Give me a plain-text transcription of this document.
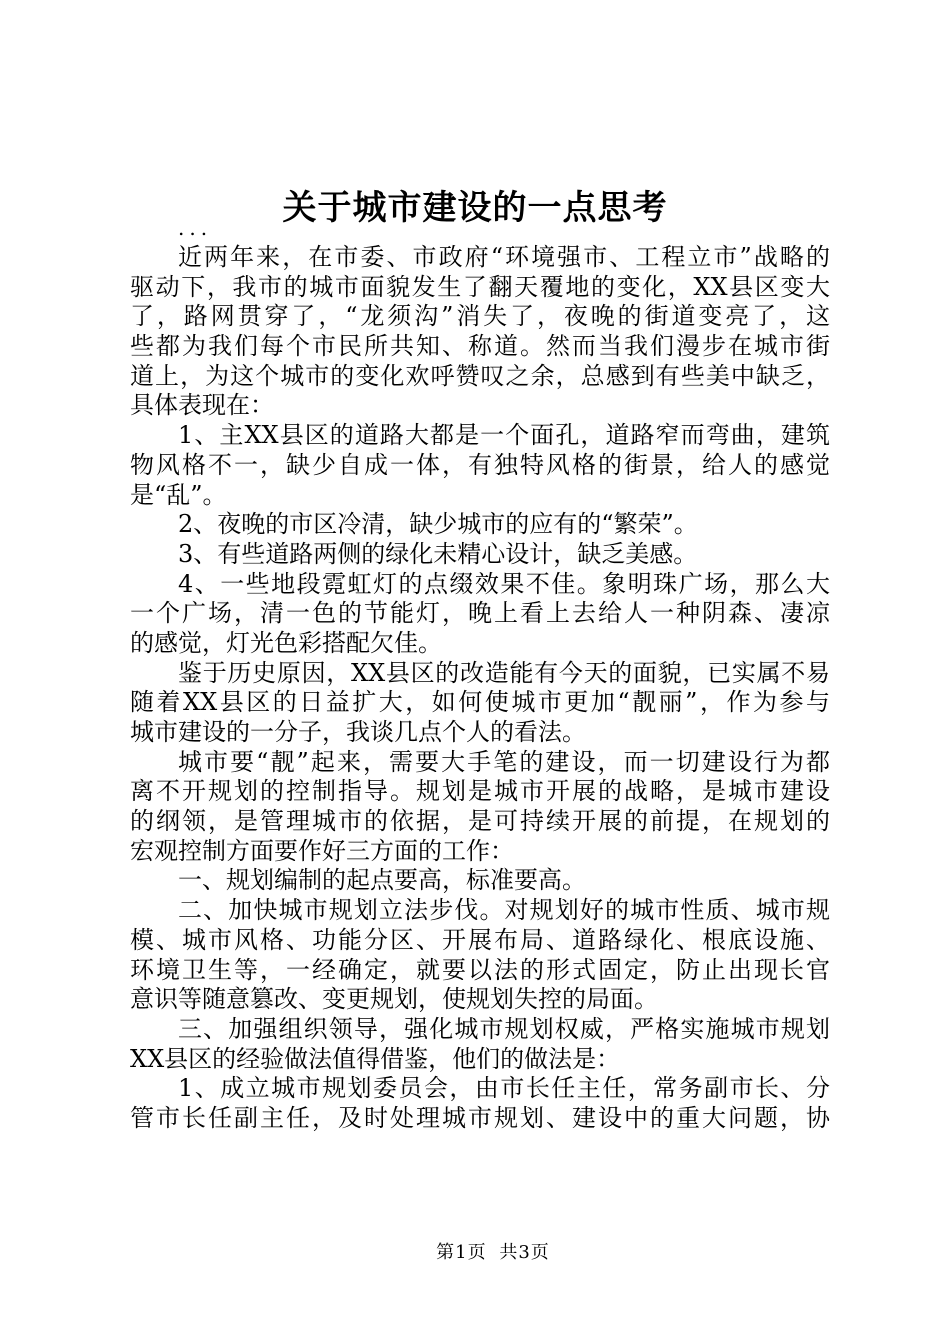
关于城市建设的一点思考
...
近两年来，在市委、市政府“环境强市、工程立市”战略的
驱动下，我市的城市面貌发生了翻天覆地的变化，XX县区变大
了，路网贯穿了，“龙须沟”消失了，夜晚的街道变亮了，这
些都为我们每个市民所共知、称道。然而当我们漫步在城市街
道上，为这个城市的变化欢呼赞叹之余，总感到有些美中缺乏，
具体表现在：
1、主XX县区的道路大都是一个面孔，道路窄而弯曲，建筑
物风格不一，缺少自成一体，有独特风格的街景，给人的感觉
是“乱”。
2、夜晚的市区冷清，缺少城市的应有的“繁荣”。
3、有些道路两侧的绿化未精心设计，缺乏美感。
4、一些地段霓虹灯的点缀效果不佳。象明珠广场，那么大
一个广场，清一色的节能灯，晚上看上去给人一种阴森、凄凉
的感觉，灯光色彩搭配欠佳。
鉴于历史原因，XX县区的改造能有今天的面貌，已实属不易
随着XX县区的日益扩大，如何使城市更加“靓丽”，作为参与
城市建设的一分子，我谈几点个人的看法。
城市要“靓”起来，需要大手笔的建设，而一切建设行为都
离不开规划的控制指导。规划是城市开展的战略，是城市建设
的纲领，是管理城市的依据，是可持续开展的前提，在规划的
宏观控制方面要作好三方面的工作：
一、规划编制的起点要高，标准要高。
二、加快城市规划立法步伐。对规划好的城市性质、城市规
模、城市风格、功能分区、开展布局、道路绿化、根底设施、
环境卫生等，一经确定，就要以法的形式固定，防止出现长官
意识等随意篡改、变更规划，使规划失控的局面。
三、加强组织领导，强化城市规划权威，严格实施城市规划
XX县区的经验做法值得借鉴，他们的做法是：
1、成立城市规划委员会，由市长任主任，常务副市长、分
管市长任副主任，及时处理城市规划、建设中的重大问题，协
第1页 共3页
